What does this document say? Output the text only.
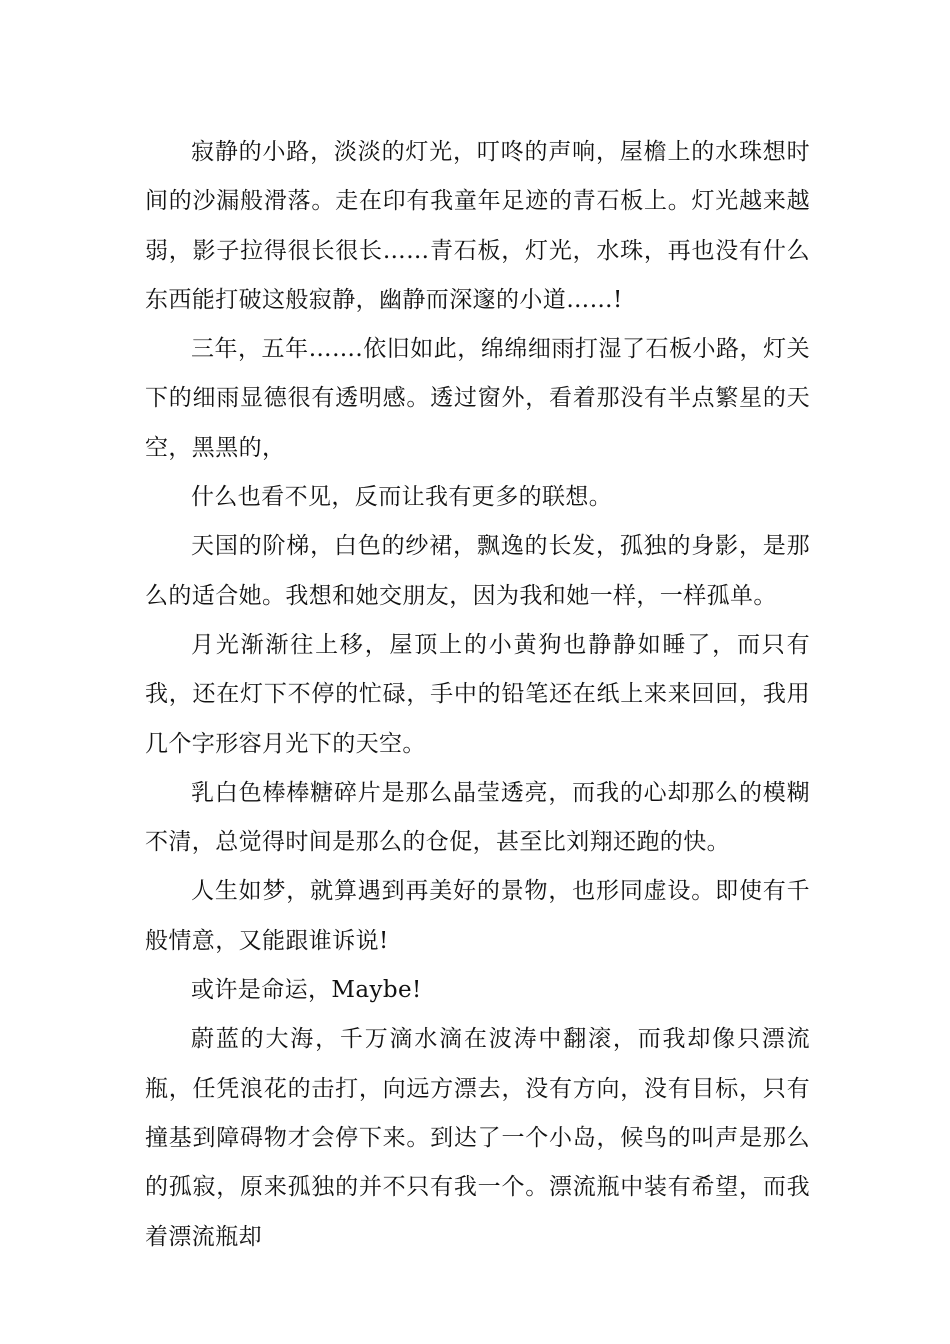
寂静的小路，淡淡的灯光，叮咚的声响，屋檐上的水珠想时间的沙漏般滑落。走在印有我童年足迹的青石板上。灯光越来越弱，影子拉得很长很长……青石板，灯光，水珠，再也没有什么东西能打破这般寂静，幽静而深邃的小道……!

三年，五年…….依旧如此，绵绵细雨打湿了石板小路，灯关下的细雨显德很有透明感。透过窗外，看着那没有半点繁星的天空，黑黑的，

什么也看不见，反而让我有更多的联想。

天国的阶梯，白色的纱裙，飘逸的长发，孤独的身影，是那么的适合她。我想和她交朋友，因为我和她一样，一样孤单。

月光渐渐往上移，屋顶上的小黄狗也静静如睡了，而只有我，还在灯下不停的忙碌，手中的铅笔还在纸上来来回回，我用几个字形容月光下的天空。

乳白色棒棒糖碎片是那么晶莹透亮，而我的心却那么的模糊不清，总觉得时间是那么的仓促，甚至比刘翔还跑的快。

人生如梦，就算遇到再美好的景物，也形同虚设。即使有千般情意，又能跟谁诉说!

或许是命运，Maybe!

蔚蓝的大海，千万滴水滴在波涛中翻滚，而我却像只漂流瓶，任凭浪花的击打，向远方漂去，没有方向，没有目标，只有撞基到障碍物才会停下来。到达了一个小岛，候鸟的叫声是那么的孤寂，原来孤独的并不只有我一个。漂流瓶中装有希望，而我着漂流瓶却
